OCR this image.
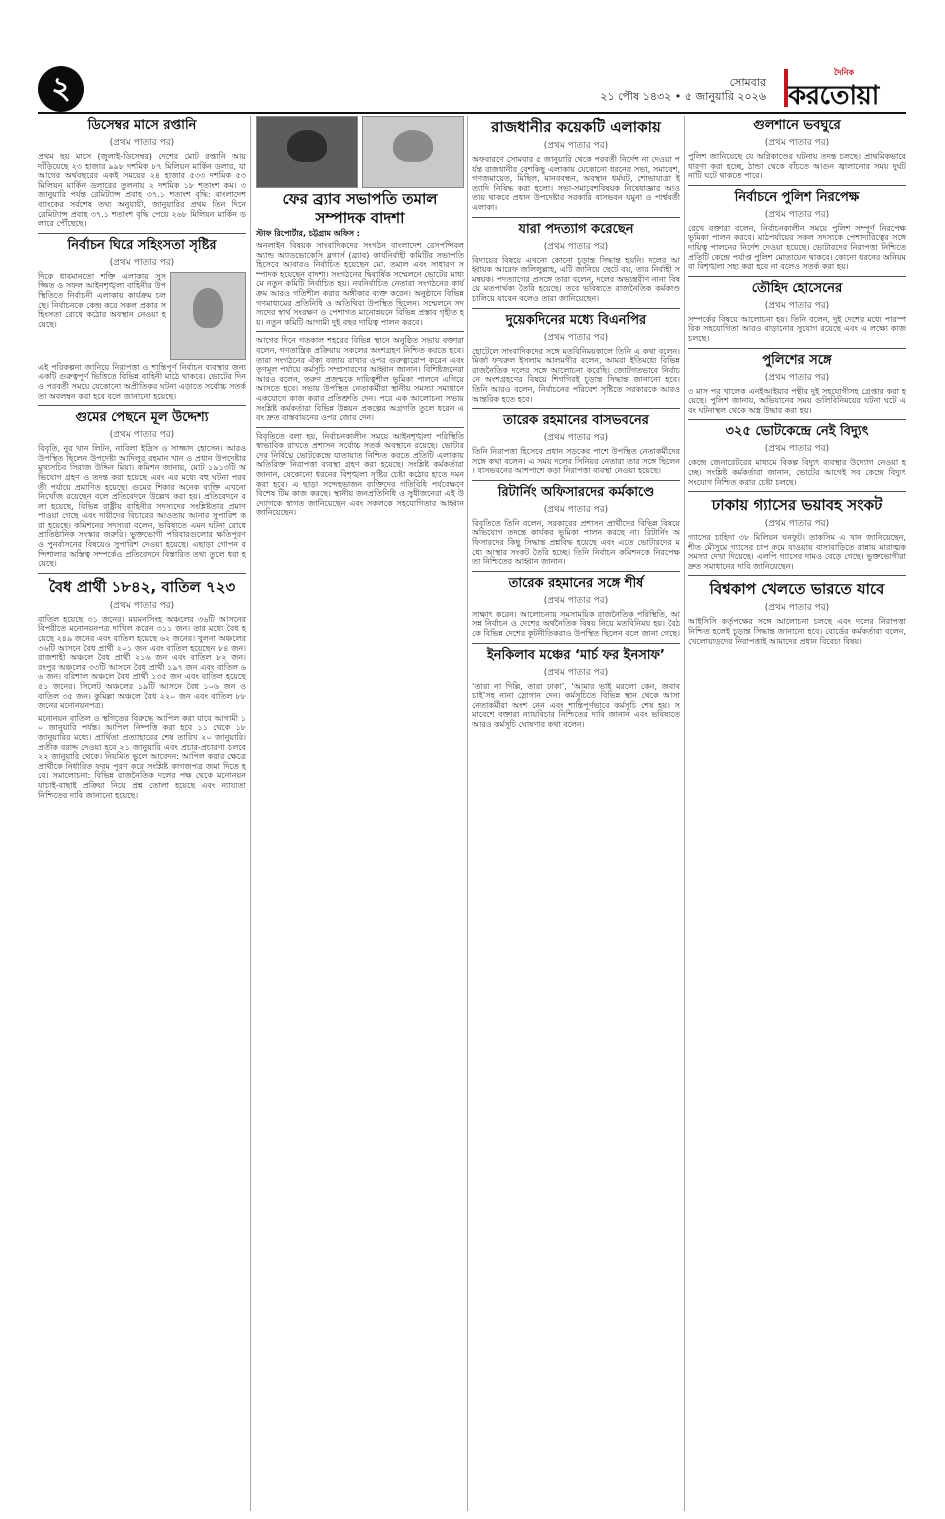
২	সোমবার
২১ পৌষ ১৪৩২ • ৫ জানুয়ারি ২০২৬
দৈনিক
করতোয়া
ডিসেম্বর মাসে রপ্তানি
(প্রথম পাতার পর)
প্রথম ছয় মাসে (জুলাই-ডিসেম্বর) দেশের মোট রপ্তানি আয় দাঁড়িয়েছে ২৩ হাজার ৯৯৮ দশমিক ৮৭ মিলিয়ন মার্কিন ডলার, যা আগের অর্থবছরের একই সময়ের ২৪ হাজার ৫৩৩ দশমিক ৫৩ মিলিয়ন মার্কিন ডলারের তুলনায় ২ দশমিক ১৮ শতাংশ কম। ৩ জানুয়ারি পর্যন্ত রেমিট্যান্স প্রবাহ ৩৭.১ শতাংশ বৃদ্ধি: বাংলাদেশ ব্যাংকের সর্বশেষ তথ্য অনুযায়ী, জানুয়ারির প্রথম তিন দিনে রেমিট্যান্স প্রবাহ ৩৭.১ শতাংশ বৃদ্ধি পেয়ে ২৬৮ মিলিয়ন মার্কিন ডলারে পৌঁছেছে।
নির্বাচন ঘিরে সহিংসতা সৃষ্টির
(প্রথম পাতার পর)
দিকে ধাবমানতো শক্তি এলাকায় সুসজ্জিত ও সফল আইনশৃঙ্খলা বাহিনীর উপস্থিতিতে নির্বাচনী এলাকায় কার্যক্রম চলছে। নির্বাচনকে কেন্দ্র করে সকল প্রকার সহিংসতা রোধে কঠোর অবস্থান নেওয়া হয়েছে।
এই পরিকল্পনা জানিয়ে নিরাপত্তা ও শান্তিপূর্ণ নির্বাচন ব্যবস্থার জন্য একটি গুরুত্বপূর্ণ ভিত্তিতে বিভিন্ন বাহিনী মাঠে থাকবে। ভোটের দিন ও পরবর্তী সময়ে যেকোনো অপ্রীতিকর ঘটনা এড়াতে সর্বোচ্চ সতর্কতা অবলম্বন করা হবে বলে জানানো হয়েছে।
গুমের পেছনে মূল উদ্দেশ্য
(প্রথম পাতার পর)
বিবৃতি, নুর খান লিটন, নাবিলা ইদ্রিস ও সাজ্জাদ হোসেন। আরও উপস্থিত ছিলেন উপদেষ্টা আদিলুর রহমান খান ও প্রধান উপদেষ্টার মুখ্যসচিব সিরাজ উদ্দিন মিয়া। কমিশন জানায়, মোট ১৯১৩টি অভিযোগ গ্রহণ ও তদন্ত করা হয়েছে এবং এর মধ্যে বহু ঘটনা পরবর্তী পর্যায়ে প্রমাণিত হয়েছে। গুমের শিকার অনেক ব্যক্তি এখনো নিখোঁজ রয়েছেন বলে প্রতিবেদনে উল্লেখ করা হয়। প্রতিবেদনে বলা হয়েছে, বিভিন্ন রাষ্ট্রীয় বাহিনীর সদস্যদের সংশ্লিষ্টতার প্রমাণ পাওয়া গেছে এবং দায়ীদের বিচারের আওতায় আনার সুপারিশ করা হয়েছে। কমিশনের সদস্যরা বলেন, ভবিষ্যতে এমন ঘটনা রোধে প্রাতিষ্ঠানিক সংস্কার জরুরি। ভুক্তভোগী পরিবারগুলোর ক্ষতিপূরণ ও পুনর্বাসনের বিষয়েও সুপারিশ দেওয়া হয়েছে। এছাড়া গোপন বন্দিশালার অস্তিত্ব সম্পর্কেও প্রতিবেদনে বিস্তারিত তথ্য তুলে ধরা হয়েছে।
বৈধ প্রার্থী ১৮৪২, বাতিল ৭২৩
(প্রথম পাতার পর)
বাতিল হয়েছে ৩১ জনের। ময়মনসিংহ অঞ্চলের ৩৬টি আসনের বিপরীতে মনোনয়নপত্র দাখিল করেন ৩১১ জন। তার মধ্যে বৈধ হয়েছে ২৪৯ জনের এবং বাতিল হয়েছে ৬২ জনের। খুলনা অঞ্চলের ৩৬টি আসনে বৈধ প্রার্থী ২০১ জন এবং বাতিল হয়েছেন ৮৪ জন। রাজশাহী অঞ্চলে বৈধ প্রার্থী ২১৬ জন এবং বাতিল ৮২ জন। রংপুর অঞ্চলের ৩৩টি আসনে বৈধ প্রার্থী ১৯৭ জন এবং বাতিল ৬৬ জন। বরিশাল অঞ্চলে বৈধ প্রার্থী ১৩৫ জন এবং বাতিল হয়েছে ৫১ জনের। সিলেট অঞ্চলের ১৯টি আসনে বৈধ ১০৬ জন ও বাতিল ৩৫ জন। কুমিল্লা অঞ্চলে বৈধ ২২০ জন এবং বাতিল ৮৮ জনের মনোনয়নপত্র।
মনোনয়ন বাতিল ও স্থগিতের বিরুদ্ধে আপিল করা যাবে আগামী ১০ জানুয়ারি পর্যন্ত। আপিল নিষ্পত্তি করা হবে ১১ থেকে ১৮ জানুয়ারির মধ্যে। প্রার্থিতা প্রত্যাহারের শেষ তারিখ ২০ জানুয়ারি। প্রতীক বরাদ্দ দেওয়া হবে ২১ জানুয়ারি এবং প্রচার-প্রচারণা চলবে ২২ জানুয়ারি থেকে। নিয়মিত ভুলে আবেদন: আপিল করার ক্ষেত্রে প্রার্থীকে নির্ধারিত ফরম পূরণ করে সংশ্লিষ্ট কাগজপত্র জমা দিতে হবে। সমালোচনা: বিভিন্ন রাজনৈতিক দলের পক্ষ থেকে মনোনয়ন যাচাই-বাছাই প্রক্রিয়া নিয়ে প্রশ্ন তোলা হয়েছে এবং ন্যায্যতা নিশ্চিতের দাবি জানানো হয়েছে।
ফের ব্র্যাব সভাপতি তমাল সম্পাদক বাদশা
স্টাফ রিপোর্টার, চট্টগ্রাম অফিস :
অনলাইন বিষয়ক সাংবাদিকদের সংগঠন বাংলাদেশ রেসপন্সিবল অ্যান্ড অ্যাডভোকেসি ব্লগার্স (ব্র্যাব) কার্যনির্বাহী কমিটির সভাপতি হিসেবে আবারও নির্বাচিত হয়েছেন মো. তমাল এবং সাধারণ সম্পাদক হয়েছেন বাদশা। সংগঠনের দ্বিবার্ষিক সম্মেলনে ভোটের মাধ্যমে নতুন কমিটি নির্বাচিত হয়। নবনির্বাচিত নেতারা সংগঠনের কার্যক্রম আরও গতিশীল করার অঙ্গীকার ব্যক্ত করেন। অনুষ্ঠানে বিভিন্ন গণমাধ্যমের প্রতিনিধি ও অতিথিরা উপস্থিত ছিলেন। সম্মেলনে সদস্যদের স্বার্থ সংরক্ষণ ও পেশাগত মানোন্নয়নে বিভিন্ন প্রস্তাব গৃহীত হয়। নতুন কমিটি আগামী দুই বছর দায়িত্ব পালন করবে।
আগের দিনে গতকাল শহরের বিভিন্ন স্থানে অনুষ্ঠিত সভায় বক্তারা বলেন, গণতান্ত্রিক প্রক্রিয়ায় সকলের অংশগ্রহণ নিশ্চিত করতে হবে। তারা সংগঠনের ঐক্য বজায় রাখার ওপর গুরুত্বারোপ করেন এবং তৃণমূল পর্যায়ে কর্মসূচি সম্প্রসারণের আহ্বান জানান। বিশিষ্টজনেরা আরও বলেন, তরুণ প্রজন্মকে দায়িত্বশীল ভূমিকা পালনে এগিয়ে আসতে হবে। সভায় উপস্থিত নেতাকর্মীরা স্থানীয় সমস্যা সমাধানে একযোগে কাজ করার প্রতিশ্রুতি দেন। পরে এক আলোচনা সভায় সংশ্লিষ্ট কর্মকর্তারা বিভিন্ন উন্নয়ন প্রকল্পের অগ্রগতি তুলে ধরেন এবং দ্রুত বাস্তবায়নের ওপর জোর দেন।
বিবৃতিতে বলা হয়, নির্বাচনকালীন সময়ে আইনশৃঙ্খলা পরিস্থিতি স্বাভাবিক রাখতে প্রশাসন সর্বোচ্চ সতর্ক অবস্থানে রয়েছে। ভোটারদের নির্বিঘ্নে ভোটকেন্দ্রে যাতায়াত নিশ্চিত করতে প্রতিটি এলাকায় অতিরিক্ত নিরাপত্তা ব্যবস্থা গ্রহণ করা হয়েছে। সংশ্লিষ্ট কর্মকর্তারা জানান, যেকোনো ধরনের বিশৃঙ্খলা সৃষ্টির চেষ্টা কঠোর হাতে দমন করা হবে। এ ছাড়া সন্দেহভাজন ব্যক্তিদের গতিবিধি পর্যবেক্ষণে বিশেষ টিম কাজ করছে। স্থানীয় জনপ্রতিনিধি ও সুধীজনেরা এই উদ্যোগকে স্বাগত জানিয়েছেন এবং সকলকে সহযোগিতার আহ্বান জানিয়েছেন।
রাজধানীর কয়েকটি এলাকায়
(প্রথম পাতার পর)
অফবারণে সোমবার ৫ জানুয়ারি থেকে পরবর্তী নির্দেশ না দেওয়া পর্যন্ত রাজধানীর বেশকিছু এলাকায় যেকোনো ধরনের সভা, সমাবেশ, গণজমায়েত, মিছিল, মানববন্ধন, অবস্থান ধর্মঘট, শোভাযাত্রা ইত্যাদি নিষিদ্ধ করা হলো। সভা-সমাবেশবিষয়ক নিষেধাজ্ঞার আওতায় থাকবে প্রধান উপদেষ্টার সরকারি বাসভবন যমুনা ও পার্শ্ববর্তী এলাকা।
যারা পদত্যাগ করেছেন
(প্রথম পাতার পর)
বিদায়ের বিষয়ে এখনো কোনো চূড়ান্ত সিদ্ধান্ত হয়নি। দলের আহ্বায়ক আরেফ জলিলুল্লাহ, এটি জানিয়ে ছেটে বয়, তার নির্বাহী সমন্বয়ক। পদত্যাগের প্রসঙ্গে তারা বলেন, দলের অভ্যন্তরীণ নানা বিষয়ে মতপার্থক্য তৈরি হয়েছে। তবে ভবিষ্যতে রাজনৈতিক কর্মকাণ্ড চালিয়ে যাবেন বলেও তারা জানিয়েছেন।
দুয়েকদিনের মধ্যে বিএনপির
(প্রথম পাতার পর)
হোটেলে সাংবাদিকদের সঙ্গে মতবিনিময়কালে তিনি এ কথা বলেন। মির্জা ফখরুল ইসলাম আলমগীর বলেন, আমরা ইতিমধ্যে বিভিন্ন রাজনৈতিক দলের সঙ্গে আলোচনা করেছি। জোটগতভাবে নির্বাচনে অংশগ্রহণের বিষয়ে শিগগিরই চূড়ান্ত সিদ্ধান্ত জানানো হবে। তিনি আরও বলেন, নির্বাচনের পরিবেশ সৃষ্টিতে সরকারকে আরও আন্তরিক হতে হবে।
তারেক রহমানের বাসভবনের
(প্রথম পাতার পর)
তিনি নিরাপত্তা হিসেবে প্রধান সড়কের পাশে উপস্থিত নেতাকর্মীদের সঙ্গে কথা বলেন। এ সময় দলের সিনিয়র নেতারা তার সঙ্গে ছিলেন। বাসভবনের আশপাশে কড়া নিরাপত্তা ব্যবস্থা নেওয়া হয়েছে।
রিটার্নিং অফিসারদের কর্মকাণ্ডে
(প্রথম পাতার পর)
বিবৃতিতে তিনি বলেন, সরকারের প্রশাসন প্রার্থীদের বিভিন্ন বিষয়ে অভিযোগ তদন্তে কার্যকর ভূমিকা পালন করছে না। রিটার্নিং অফিসারদের কিছু সিদ্ধান্ত প্রশ্নবিদ্ধ হয়েছে এবং এতে ভোটারদের মধ্যে আস্থার সংকট তৈরি হচ্ছে। তিনি নির্বাচন কমিশনকে নিরপেক্ষতা নিশ্চিতের আহ্বান জানান।
তারেক রহমানের সঙ্গে শীর্ষ
(প্রথম পাতার পর)
সাক্ষাৎ করেন। আলোচনায় সমসাময়িক রাজনৈতিক পরিস্থিতি, আসন্ন নির্বাচন ও দেশের অর্থনৈতিক বিষয় নিয়ে মতবিনিময় হয়। বৈঠকে বিভিন্ন দেশের কূটনীতিকরাও উপস্থিত ছিলেন বলে জানা গেছে।
ইনকিলাব মঞ্চের ‘মার্চ ফর ইনসাফ’
(প্রথম পাতার পর)
‘তারা না দিল্লি, তারা ঢাকা’, ‘আমার ভাই মরলো কেন, জবাব চাই’সহ নানা স্লোগান দেন। কর্মসূচিতে বিভিন্ন স্থান থেকে আসা নেতাকর্মীরা অংশ নেন এবং শান্তিপূর্ণভাবে কর্মসূচি শেষ হয়। সমাবেশে বক্তারা ন্যায়বিচার নিশ্চিতের দাবি জানান এবং ভবিষ্যতে আরও কর্মসূচি ঘোষণার কথা বলেন।
গুলশানে ভবঘুরে
(প্রথম পাতার পর)
পুলিশ জানিয়েছে যে অগ্নিকাণ্ডের ঘটনায় তদন্ত চলছে। প্রাথমিকভাবে ধারণা করা হচ্ছে, ঠান্ডা থেকে বাঁচতে আগুন জ্বালানোর সময় দুর্ঘটনাটি ঘটে থাকতে পারে।
নির্বাচনে পুলিশ নিরপেক্ষ
(প্রথম পাতার পর)
রেখে বক্তারা বলেন, নির্বাচনকালীন সময়ে পুলিশ সম্পূর্ণ নিরপেক্ষ ভূমিকা পালন করবে। মাঠপর্যায়ের সকল সদস্যকে পেশাদারিত্বের সঙ্গে দায়িত্ব পালনের নির্দেশ দেওয়া হয়েছে। ভোটারদের নিরাপত্তা নিশ্চিতে প্রতিটি কেন্দ্রে পর্যাপ্ত পুলিশ মোতায়েন থাকবে। কোনো ধরনের অনিয়ম বা বিশৃঙ্খলা সহ্য করা হবে না বলেও সতর্ক করা হয়।
তৌহিদ হোসেনের
(প্রথম পাতার পর)
সম্পর্কের বিষয়ে আলোচনা হয়। তিনি বলেন, দুই দেশের মধ্যে পারস্পরিক সহযোগিতা আরও বাড়ানোর সুযোগ রয়েছে এবং এ লক্ষ্যে কাজ চলছে।
পুলিশের সঙ্গে
(প্রথম পাতার পর)
৩ মাস পর খালেক এনইআইয়ার পন্থীর দুই সহযোগীসহ গ্রেপ্তার করা হয়েছে। পুলিশ জানায়, অভিযানের সময় গুলিবিনিময়ের ঘটনা ঘটে এবং ঘটনাস্থল থেকে অস্ত্র উদ্ধার করা হয়।
৩২৫ ভোটকেন্দ্রে নেই বিদ্যুৎ
(প্রথম পাতার পর)
কেন্দ্রে জেনারেটরের মাধ্যমে বিকল্প বিদ্যুৎ ব্যবস্থার উদ্যোগ নেওয়া হচ্ছে। সংশ্লিষ্ট কর্মকর্তারা জানান, ভোটের আগেই সব কেন্দ্রে বিদ্যুৎ সংযোগ নিশ্চিত করার চেষ্টা চলছে।
ঢাকায় গ্যাসের ভয়াবহ সংকট
(প্রথম পাতার পর)
গ্যাসের চাহিদা ৩৮ মিলিয়ন ঘনফুট। তাকসিম এ খান জানিয়েছেন, শীত মৌসুমে গ্যাসের চাপ কমে যাওয়ায় বাসাবাড়িতে রান্নায় মারাত্মক সমস্যা দেখা দিয়েছে। এলপি গ্যাসের দামও বেড়ে গেছে। ভুক্তভোগীরা দ্রুত সমাধানের দাবি জানিয়েছেন।
বিশ্বকাপ খেলতে ভারতে যাবে
(প্রথম পাতার পর)
আইসিসি কর্তৃপক্ষের সঙ্গে আলোচনা চলছে এবং দলের নিরাপত্তা নিশ্চিত হলেই চূড়ান্ত সিদ্ধান্ত জানানো হবে। বোর্ডের কর্মকর্তারা বলেন, খেলোয়াড়দের নিরাপত্তাই আমাদের প্রধান বিবেচ্য বিষয়।
